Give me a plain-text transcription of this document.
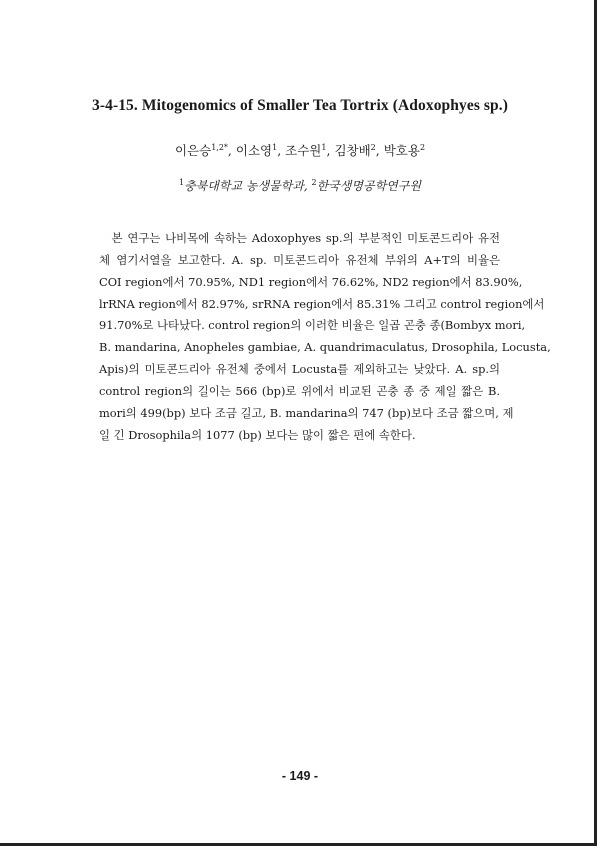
3-4-15. Mitogenomics of Smaller Tea Tortrix (Adoxophyes sp.)
이은승$^{1,2*}$, 이소영$^1$, 조수원$^1$, 김창배$^2$, 박호용$^2$
$^1$충북대학교 농생물학과, $^2$한국생명공학연구원
　본 연구는 나비목에 속하는 Adoxophyes sp.의 부분적인 미토콘드리아 유전
체 염기서열을 보고한다. A. sp. 미토콘드리아 유전체 부위의 A+T의 비율은
COI region에서 70.95%, ND1 region에서 76.62%, ND2 region에서 83.90%,
lrRNA region에서 82.97%, srRNA region에서 85.31% 그리고 control region에서
91.70%로 나타났다. control region의 이러한 비율은 일곱 곤충 종(Bombyx mori,
B. mandarina, Anopheles gambiae, A. quandrimaculatus, Drosophila, Locusta,
Apis)의 미토콘드리아 유전체 중에서 Locusta를 제외하고는 낮았다. A. sp.의
control region의 길이는 566 (bp)로 위에서 비교된 곤충 종 중 제일 짧은 B.
mori의 499(bp) 보다 조금 길고, B. mandarina의 747 (bp)보다 조금 짧으며, 제
일 긴 Drosophila의 1077 (bp) 보다는 많이 짧은 편에 속한다.
- 149 -
